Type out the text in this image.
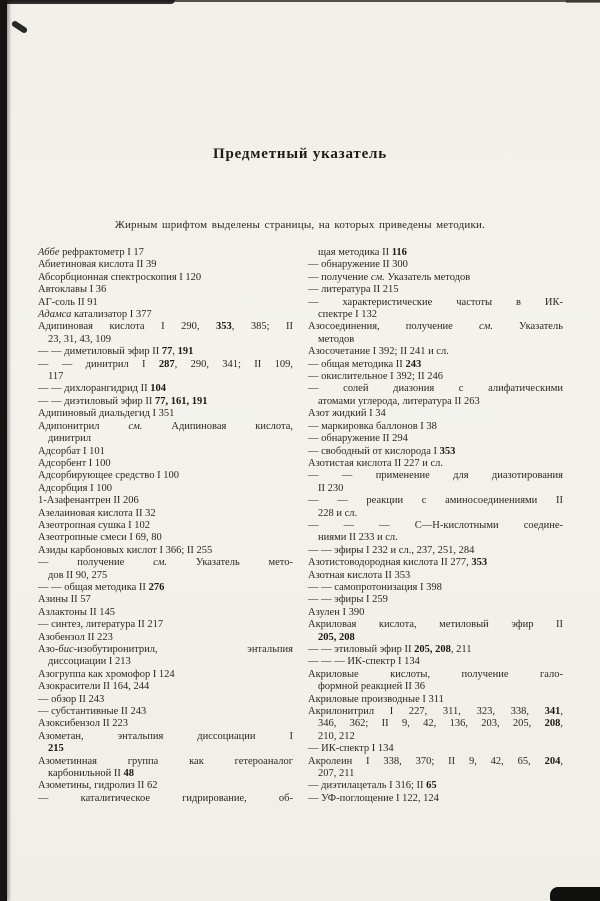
Предметный указатель
Жирным шрифтом выделены страницы, на которых приведены методики.
Аббе рефрактометр I 17
Абиетиновая кислота II 39
Абсорбционная спектроскопия I 120
Автоклавы I 36
АГ-соль II 91
Адамса катализатор I 377
Адипиновая кислота I 290, 353, 385; II
23, 31, 43, 109
— — диметиловый эфир II 77, 191
— — динитрил I 287, 290, 341; II 109,
117
— — дихлорангидрид II 104
— — диэтиловый эфир II 77, 161, 191
Адипиновый диальдегид I 351
Адипонитрил см. Адипиновая кислота,
динитрил
Адсорбат I 101
Адсорбент I 100
Адсорбирующее средство I 100
Адсорбция I 100
1-Азафенантрен II 206
Азелаиновая кислота II 32
Азеотропная сушка I 102
Азеотропные смеси I 69, 80
Азиды карбоновых кислот I 366; II 255
— получение см. Указатель мето-
дов II 90, 275
— — общая методика II 276
Азины II 57
Азлактоны II 145
— синтез, литература II 217
Азобензол II 223
Азо-бис-изобутиронитрил, энтальпия
диссоциации I 213
Азогруппа как хромофор I 124
Азокрасители II 164, 244
— обзор II 243
— субстантивные II 243
Азоксибензол II 223
Азометан, энтальпия диссоциации I
215
Азометинная группа как гетероаналог
карбонильной II 48
Азометины, гидролиз II 62
— каталитическое гидрирование, об-
щая методика II 116
— обнаружение II 300
— получение см. Указатель методов
— литература II 215
— характеристические частоты в ИК-
спектре I 132
Азосоединения, получение см. Указатель
методов
Азосочетание I 392; II 241 и сл.
— общая методика II 243
— окислительное I 392; II 246
— солей диазония с алифатическими
атомами углерода, литература II 263
Азот жидкий I 34
— маркировка баллонов I 38
— обнаружение II 294
— свободный от кислорода I 353
Азотистая кислота II 227 и сл.
— — применение для диазотирования
II 230
— — реакции с аминосоединениями II
228 и сл.
— — — С—Н-кислотными соедине-
ниями II 233 и сл.
— — эфиры I 232 и сл., 237, 251, 284
Азотистоводородная кислота II 277, 353
Азотная кислота II 353
— — самопротонизация I 398
— — эфиры I 259
Азулен I 390
Акриловая кислота, метиловый эфир II
205, 208
— — этиловый эфир II 205, 208, 211
— — — ИК-спектр I 134
Акриловые кислоты, получение гало-
формной реакцией II 36
Акриловые производные I 311
Акрилонитрил I 227, 311, 323, 338, 341,
346, 362; II 9, 42, 136, 203, 205, 208,
210, 212
— ИК-спектр I 134
Акролеин I 338, 370; II 9, 42, 65, 204,
207, 211
— диэтилацеталь I 316; II 65
— УФ-поглощение I 122, 124
